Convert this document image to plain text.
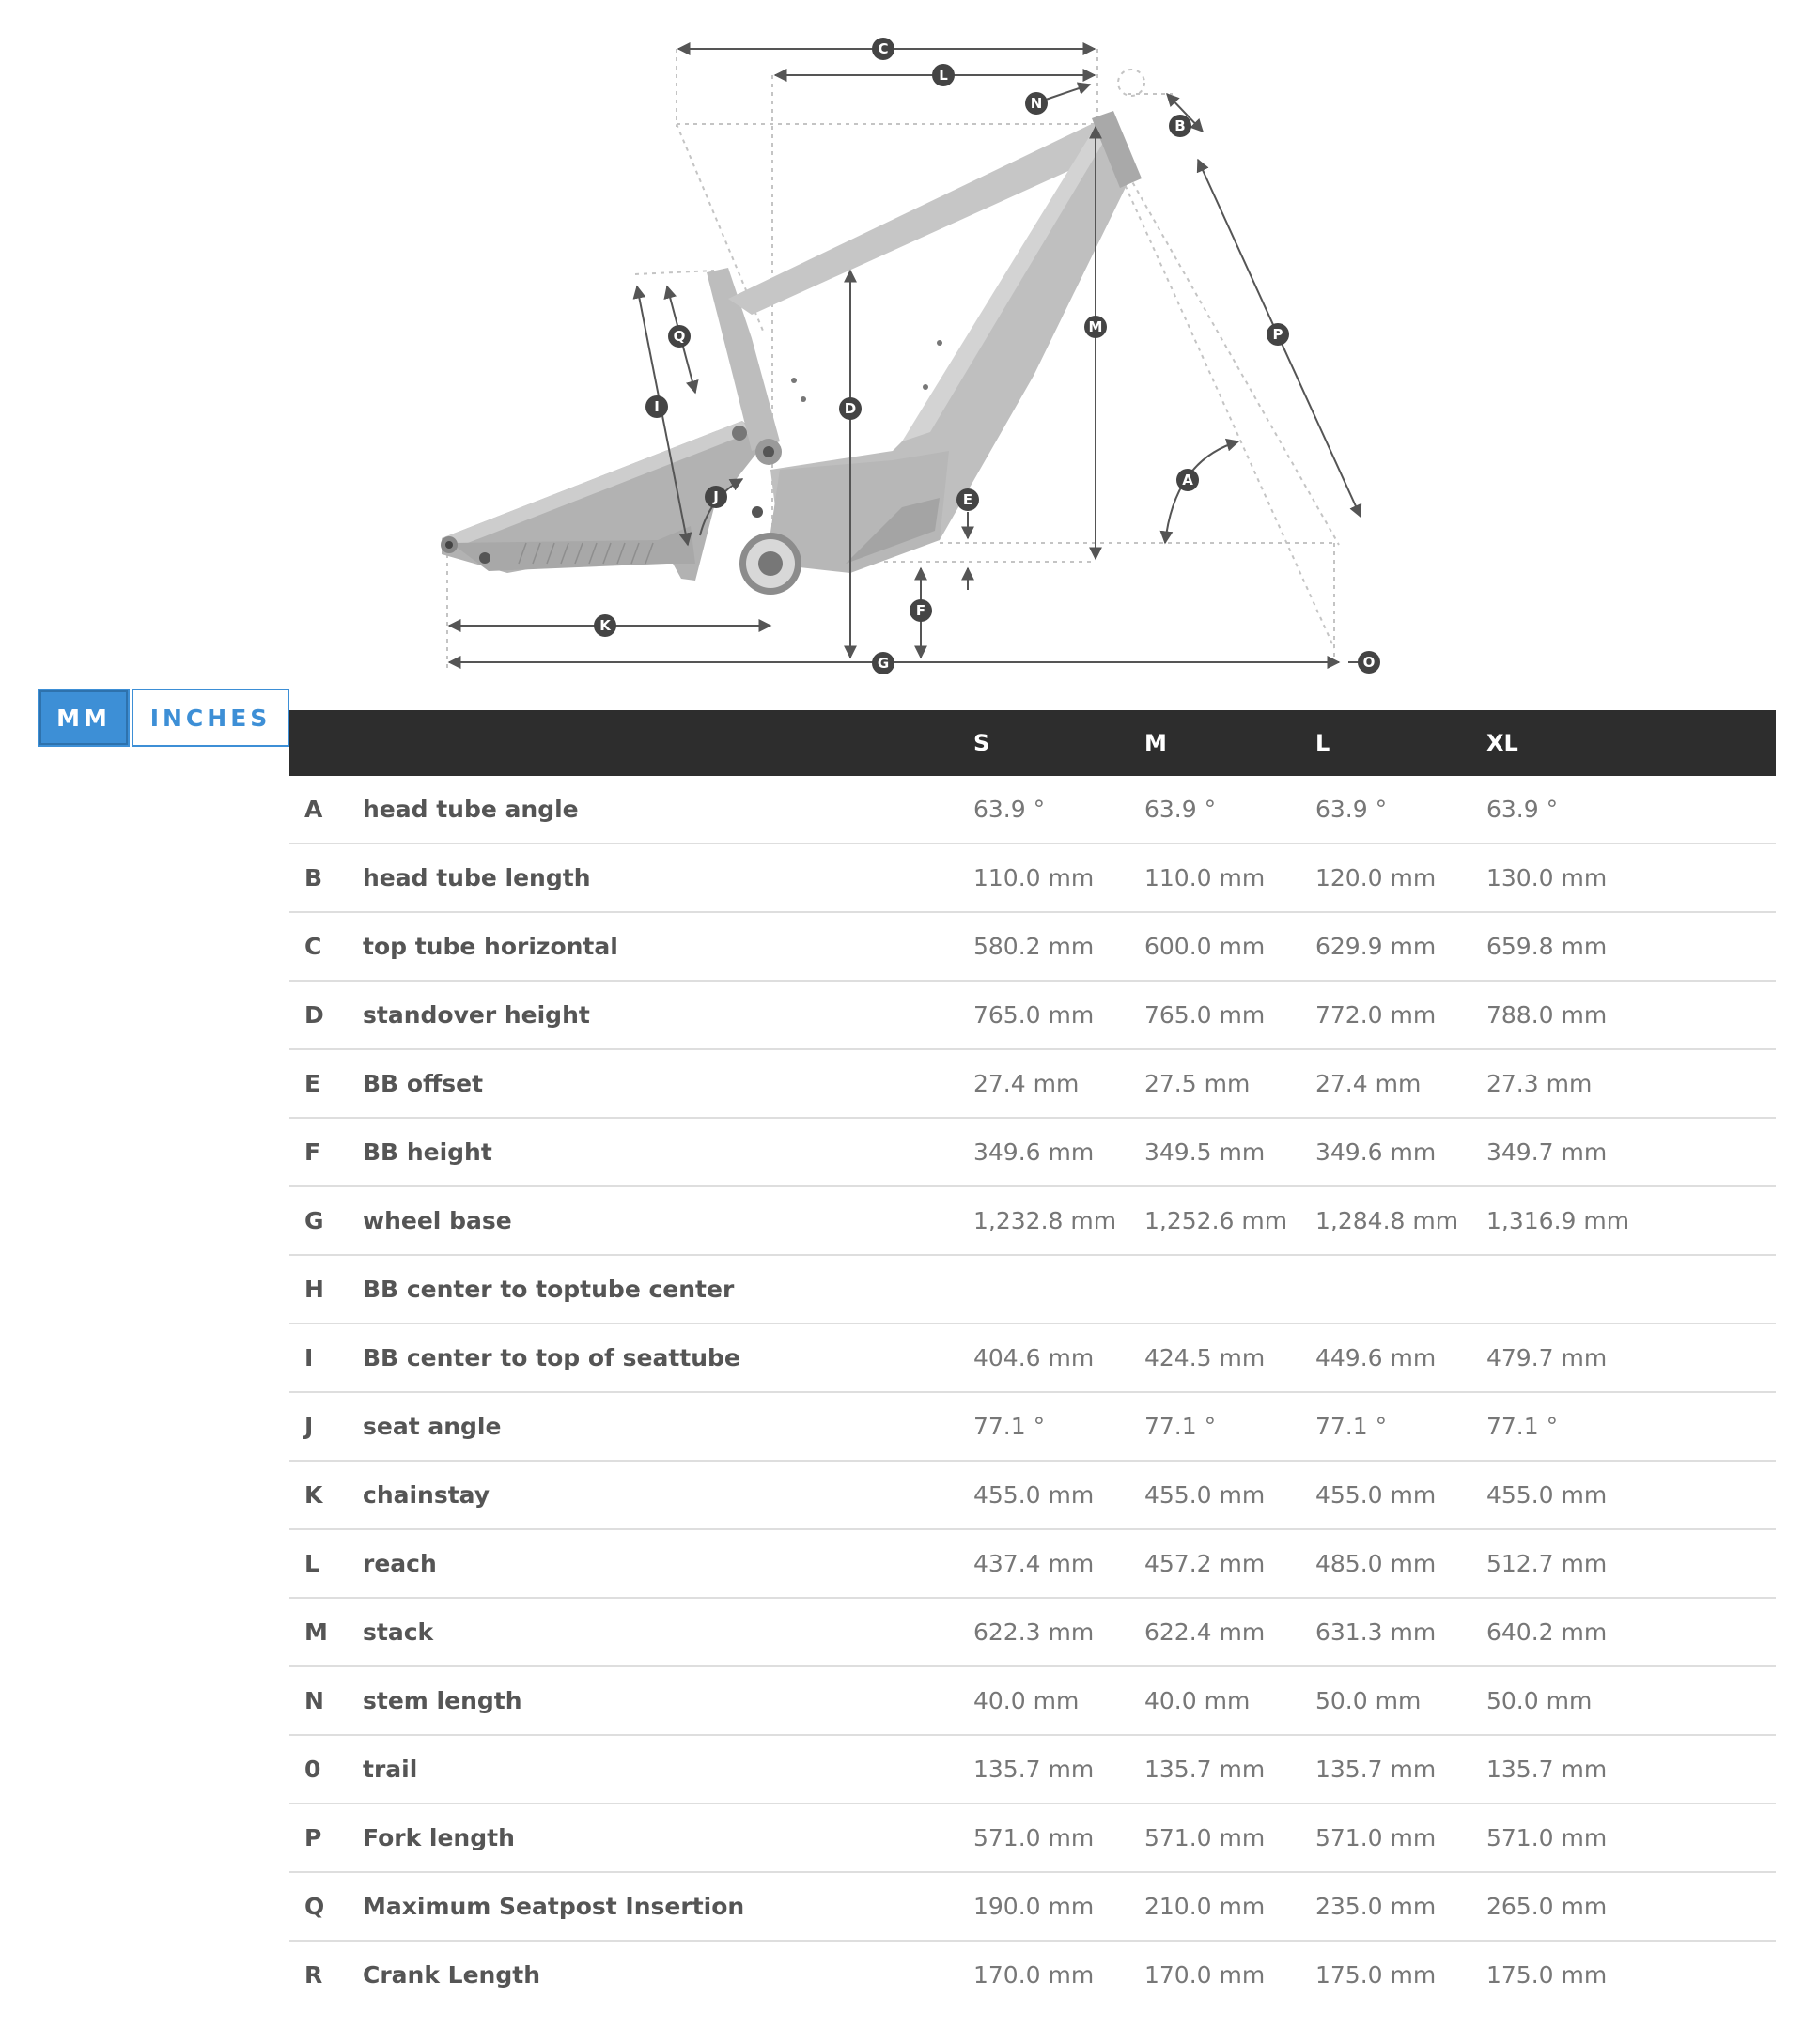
C
L
N
B
P
M
D
Q
I
J	E
A
F
K
G	O
MM	INCHES
S	M	L	XL
A head tube angle	63.9 °	63.9 °	63.9 °	63.9 °
B head tube length	110.0 mm 110.0 mm 120.0 mm 130.0 mm
C top tube horizontal	580.2 mm 600.0 mm 629.9 mm 659.8 mm
D standover height	765.0 mm 765.0 mm 772.0 mm 788.0 mm
E BB offset	27.4 mm	27.5 mm	27.4 mm	27.3 mm
F BB height	349.6 mm 349.5 mm 349.6 mm 349.7 mm
G wheel base	1,232.8 mm 1,252.6 mm 1,284.8 mm 1,316.9 mm
H BB center to toptube center
I BB center to top of seattube	404.6 mm 424.5 mm 449.6 mm 479.7 mm
J seat angle	77.1 °	77.1 °	77.1 °	77.1 °
K chainstay	455.0 mm 455.0 mm 455.0 mm 455.0 mm
L reach	437.4 mm 457.2 mm 485.0 mm 512.7 mm
M stack	622.3 mm 622.4 mm 631.3 mm 640.2 mm
N stem length	40.0 mm	40.0 mm	50.0 mm	50.0 mm
0 trail	135.7 mm 135.7 mm 135.7 mm 135.7 mm
P Fork length	571.0 mm 571.0 mm 571.0 mm 571.0 mm
Q Maximum Seatpost Insertion	190.0 mm 210.0 mm 235.0 mm 265.0 mm
R Crank Length	170.0 mm 170.0 mm 175.0 mm 175.0 mm
